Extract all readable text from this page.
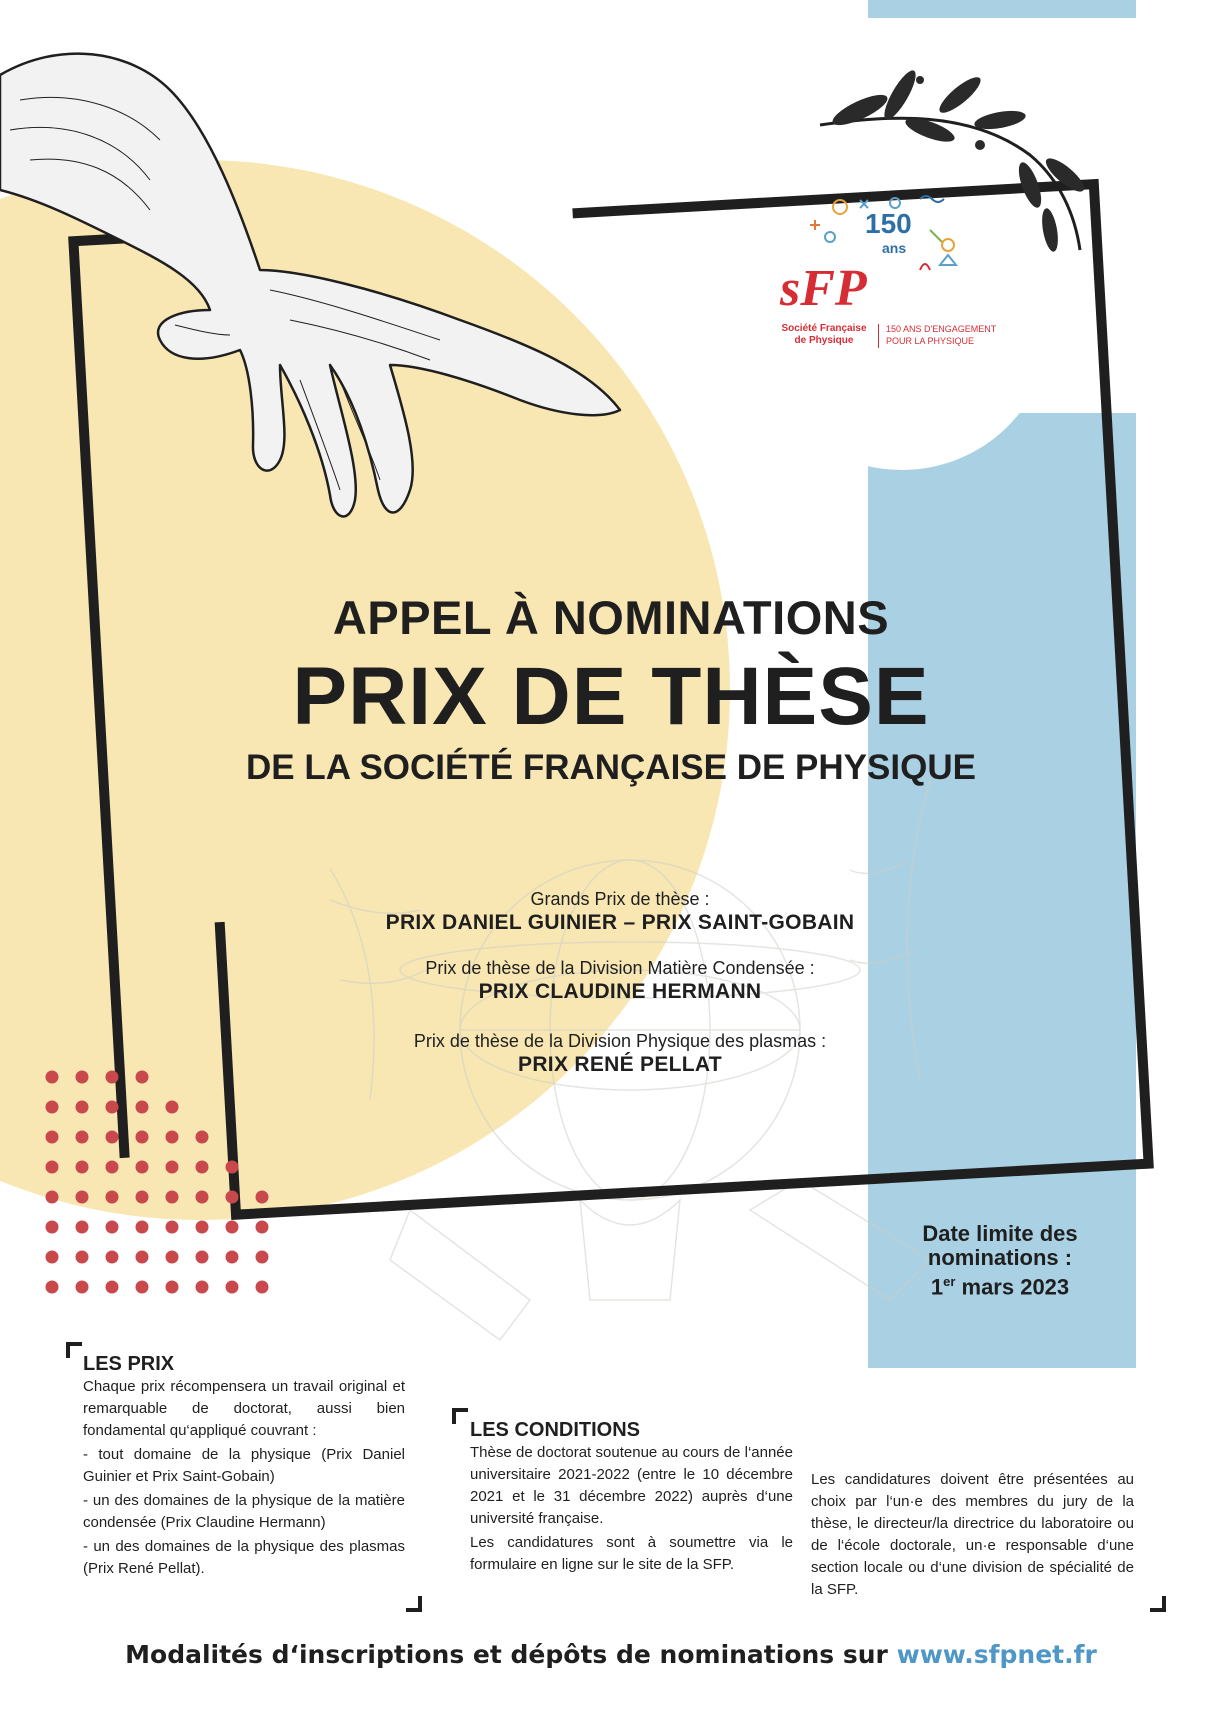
150
ans
sFP
Société Française
de Physique
150 ANS D'ENGAGEMENT
POUR LA PHYSIQUE
APPEL À NOMINATIONS
PRIX DE THÈSE
DE LA SOCIÉTÉ FRANÇAISE DE PHYSIQUE
Grands Prix de thèse :
PRIX DANIEL GUINIER – PRIX SAINT-GOBAIN
Prix de thèse de la Division Matière Condensée :
PRIX CLAUDINE HERMANN
Prix de thèse de la Division Physique des plasmas :
PRIX RENÉ PELLAT
Date limite des
nominations :
1er mars 2023
LES PRIX

Chaque prix récompensera un travail original et remarquable de doctorat, aussi bien fondamental qu‘appliqué couvrant :

- tout domaine de la physique (Prix Daniel Guinier et Prix Saint-Gobain)

- un des domaines de la physique de la matière condensée (Prix Claudine Hermann)

- un des domaines de la physique des plasmas (Prix René Pellat).

LES CONDITIONS

Thèse de doctorat soutenue au cours de l‘année universitaire 2021-2022 (entre le 10 décembre 2021 et le 31 décembre 2022) auprès d‘une université française.

Les candidatures sont à soumettre via le formulaire en ligne sur le site de la SFP.

Les candidatures doivent être présentées au choix par l‘un·e des membres du jury de la thèse, le directeur/la directrice du laboratoire ou de l‘école doctorale, un·e responsable d‘une section locale ou d‘une division de spécialité de la SFP.
Modalités d‘inscriptions et dépôts de nominations sur www.sfpnet.fr
